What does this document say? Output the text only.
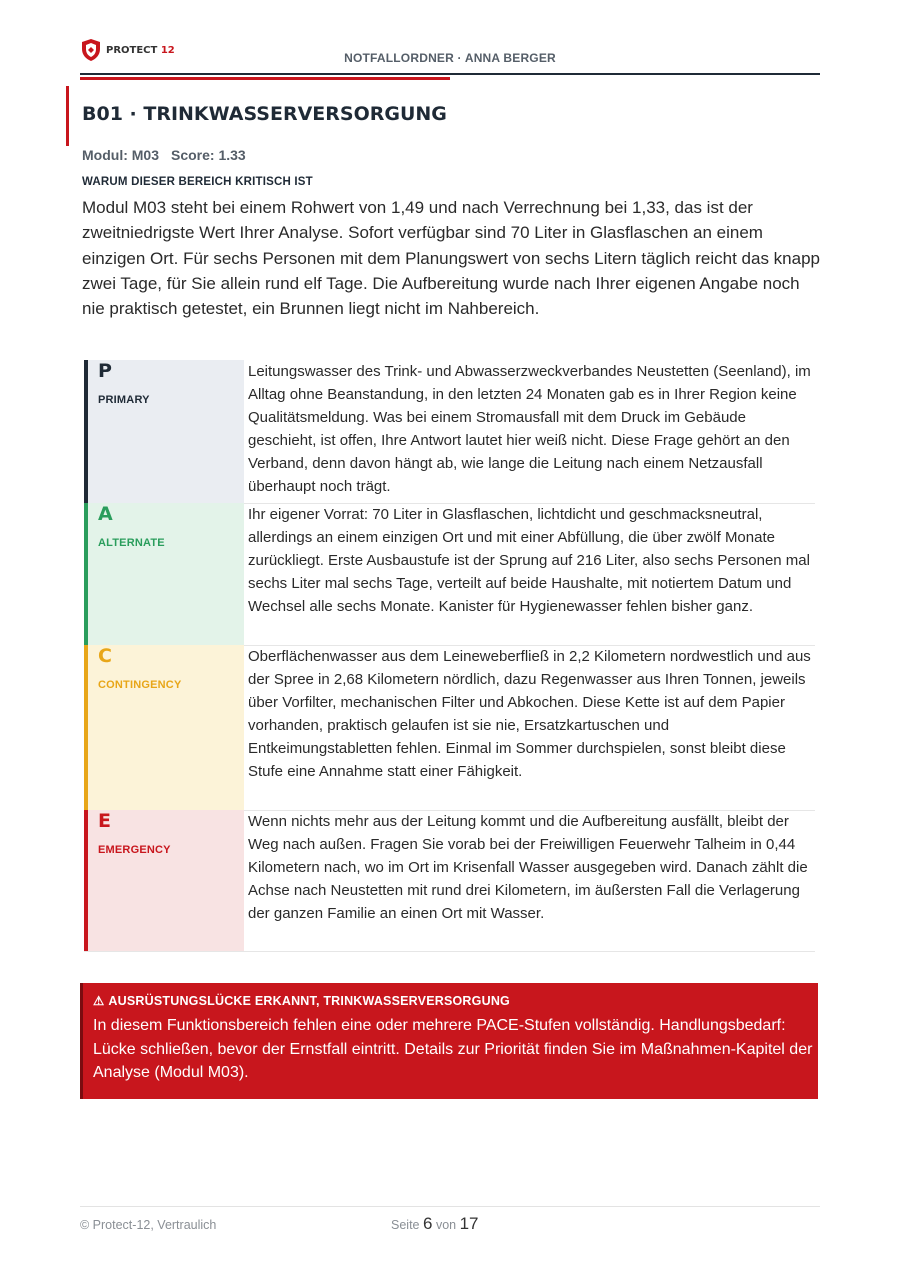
PROTECT 12
NOTFALLORDNER · ANNA BERGER
B01 · TRINKWASSERVERSORGUNG
Modul: M03 Score: 1.33
WARUM DIESER BEREICH KRITISCH IST
Modul M03 steht bei einem Rohwert von 1,49 und nach Verrechnung bei 1,33, das ist der zweitniedrigste Wert Ihrer Analyse. Sofort verfügbar sind 70 Liter in Glasflaschen an einem einzigen Ort. Für sechs Personen mit dem Planungswert von sechs Litern täglich reicht das knapp zwei Tage, für Sie allein rund elf Tage. Die Aufbereitung wurde nach Ihrer eigenen Angabe noch nie praktisch getestet, ein Brunnen liegt nicht im Nahbereich.
P
PRIMARY
Leitungswasser des Trink- und Abwasserzweckverbandes Neustetten (Seenland), im Alltag ohne Beanstandung, in den letzten 24 Monaten gab es in Ihrer Region keine Qualitätsmeldung. Was bei einem Stromausfall mit dem Druck im Gebäude geschieht, ist offen, Ihre Antwort lautet hier weiß nicht. Diese Frage gehört an den Verband, denn davon hängt ab, wie lange die Leitung nach einem Netzausfall überhaupt noch trägt.
A
ALTERNATE
Ihr eigener Vorrat: 70 Liter in Glasflaschen, lichtdicht und geschmacksneutral, allerdings an einem einzigen Ort und mit einer Abfüllung, die über zwölf Monate zurückliegt. Erste Ausbaustufe ist der Sprung auf 216 Liter, also sechs Personen mal sechs Liter mal sechs Tage, verteilt auf beide Haushalte, mit notiertem Datum und Wechsel alle sechs Monate. Kanister für Hygienewasser fehlen bisher ganz.
C
CONTINGENCY
Oberflächenwasser aus dem Leineweberfließ in 2,2 Kilometern nordwestlich und aus der Spree in 2,68 Kilometern nördlich, dazu Regenwasser aus Ihren Tonnen, jeweils über Vorfilter, mechanischen Filter und Abkochen. Diese Kette ist auf dem Papier vorhanden, praktisch gelaufen ist sie nie, Ersatzkartuschen und Entkeimungstabletten fehlen. Einmal im Sommer durchspielen, sonst bleibt diese Stufe eine Annahme statt einer Fähigkeit.
E
EMERGENCY
Wenn nichts mehr aus der Leitung kommt und die Aufbereitung ausfällt, bleibt der Weg nach außen. Fragen Sie vorab bei der Freiwilligen Feuerwehr Talheim in 0,44 Kilometern nach, wo im Ort im Krisenfall Wasser ausgegeben wird. Danach zählt die Achse nach Neustetten mit rund drei Kilometern, im äußersten Fall die Verlagerung der ganzen Familie an einen Ort mit Wasser.
⚠ AUSRÜSTUNGSLÜCKE ERKANNT, TRINKWASSERVERSORGUNG
In diesem Funktionsbereich fehlen eine oder mehrere PACE-Stufen vollständig. Handlungsbedarf: Lücke schließen, bevor der Ernstfall eintritt. Details zur Priorität finden Sie im Maßnahmen-Kapitel der Analyse (Modul M03).
© Protect-12, Vertraulich	Seite 6 von 17
